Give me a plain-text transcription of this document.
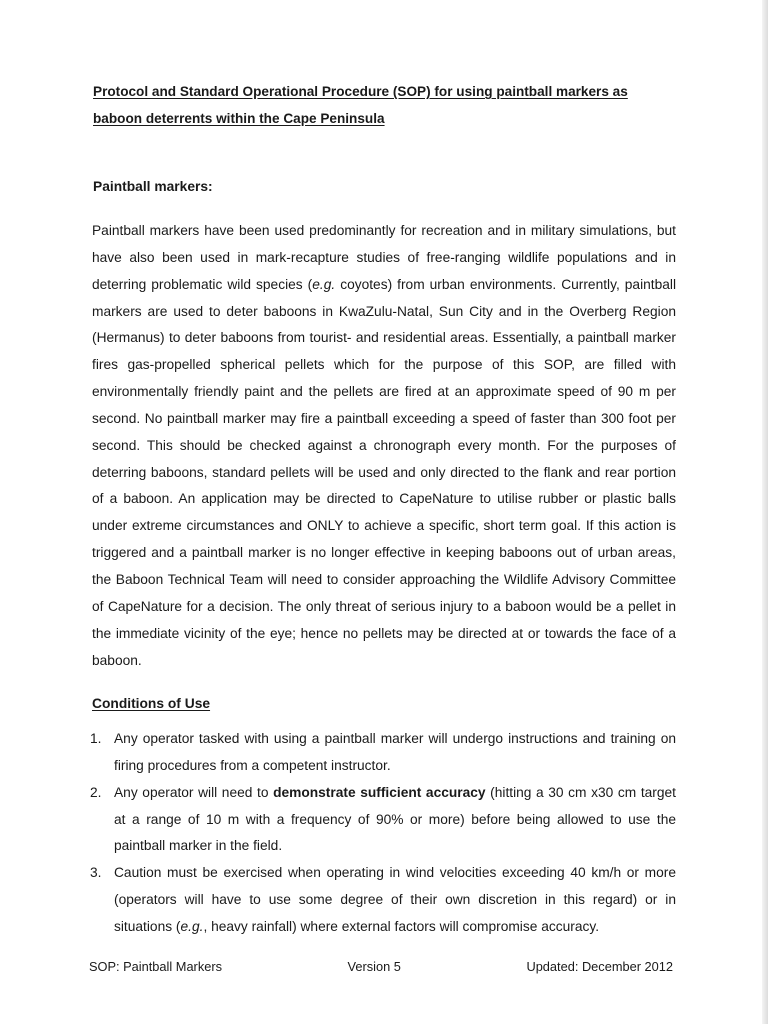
Protocol and Standard Operational Procedure (SOP) for using paintball markers as baboon deterrents within the Cape Peninsula
Paintball markers:

Paintball markers have been used predominantly for recreation and in military simulations, but have also been used in mark-recapture studies of free-ranging wildlife populations and in deterring problematic wild species (e.g. coyotes) from urban environments. Currently, paintball markers are used to deter baboons in KwaZulu-Natal, Sun City and in the Overberg Region (Hermanus) to deter baboons from tourist- and residential areas. Essentially, a paintball marker fires gas-propelled spherical pellets which for the purpose of this SOP, are filled with environmentally friendly paint and the pellets are fired at an approximate speed of 90 m per second. No paintball marker may fire a paintball exceeding a speed of faster than 300 foot per second. This should be checked against a chronograph every month. For the purposes of deterring baboons, standard pellets will be used and only directed to the flank and rear portion of a baboon. An application may be directed to CapeNature to utilise rubber or plastic balls under extreme circumstances and ONLY to achieve a specific, short term goal. If this action is triggered and a paintball marker is no longer effective in keeping baboons out of urban areas, the Baboon Technical Team will need to consider approaching the Wildlife Advisory Committee of CapeNature for a decision. The only threat of serious injury to a baboon would be a pellet in the immediate vicinity of the eye; hence no pellets may be directed at or towards the face of a baboon.

Conditions of Use
1. Any operator tasked with using a paintball marker will undergo instructions and training on firing procedures from a competent instructor.
2. Any operator will need to demonstrate sufficient accuracy (hitting a 30 cm x30 cm target at a range of 10 m with a frequency of 90% or more) before being allowed to use the paintball marker in the field.
3. Caution must be exercised when operating in wind velocities exceeding 40 km/h or more (operators will have to use some degree of their own discretion in this regard) or in situations (e.g., heavy rainfall) where external factors will compromise accuracy.
SOP: Paintball Markers	Version 5	Updated: December 2012
